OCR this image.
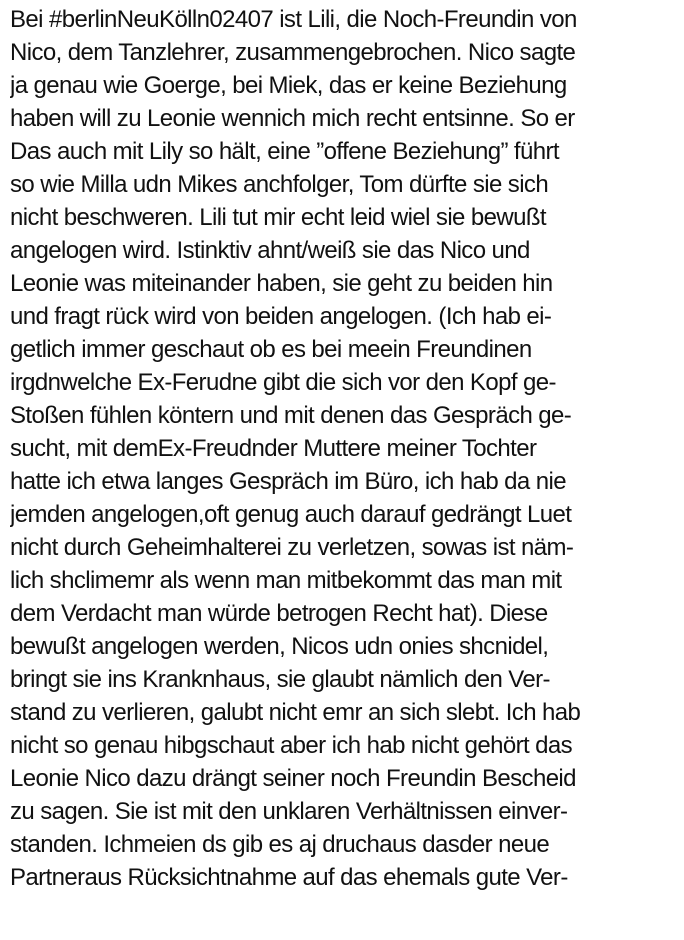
Bei #berlinNeuKölln02407 ist Lili, die Noch-Freundin von
Nico, dem Tanzlehrer, zusammengebrochen. Nico sagte
ja genau wie Goerge, bei Miek, das er keine Beziehung
haben will zu Leonie wennich mich recht entsinne. So er
Das auch mit Lily so hält, eine ”offene Beziehung” führt
so wie Milla udn Mikes anchfolger, Tom dürfte sie sich
nicht beschweren. Lili tut mir echt leid wiel sie bewußt
angelogen wird. Istinktiv ahnt/weiß sie das Nico und
Leonie was miteinander haben, sie geht zu beiden hin
und fragt rück wird von beiden angelogen. (Ich hab ei-
getlich immer geschaut ob es bei meein Freundinen
irgdnwelche Ex-Ferudne gibt die sich vor den Kopf ge-
Stoßen fühlen köntern und mit denen das Gespräch ge-
sucht, mit demEx-Freudnder Muttere meiner Tochter
hatte ich etwa langes Gespräch im Büro, ich hab da nie
jemden angelogen,oft genug auch darauf gedrängt Luet
nicht durch Geheimhalterei zu verletzen, sowas ist näm-
lich shclimemr als wenn man mitbekommt das man mit
dem Verdacht man würde betrogen Recht hat). Diese
bewußt angelogen werden, Nicos udn onies shcnidel,
bringt sie ins Kranknhaus, sie glaubt nämlich den Ver-
stand zu verlieren, galubt nicht emr an sich slebt. Ich hab
nicht so genau hibgschaut aber ich hab nicht gehört das
Leonie Nico dazu drängt seiner noch Freundin Bescheid
zu sagen. Sie ist mit den unklaren Verhältnissen einver-
standen. Ichmeien ds gib es aj druchaus dasder neue
Partneraus Rücksichtnahme auf das ehemals gute Ver-
